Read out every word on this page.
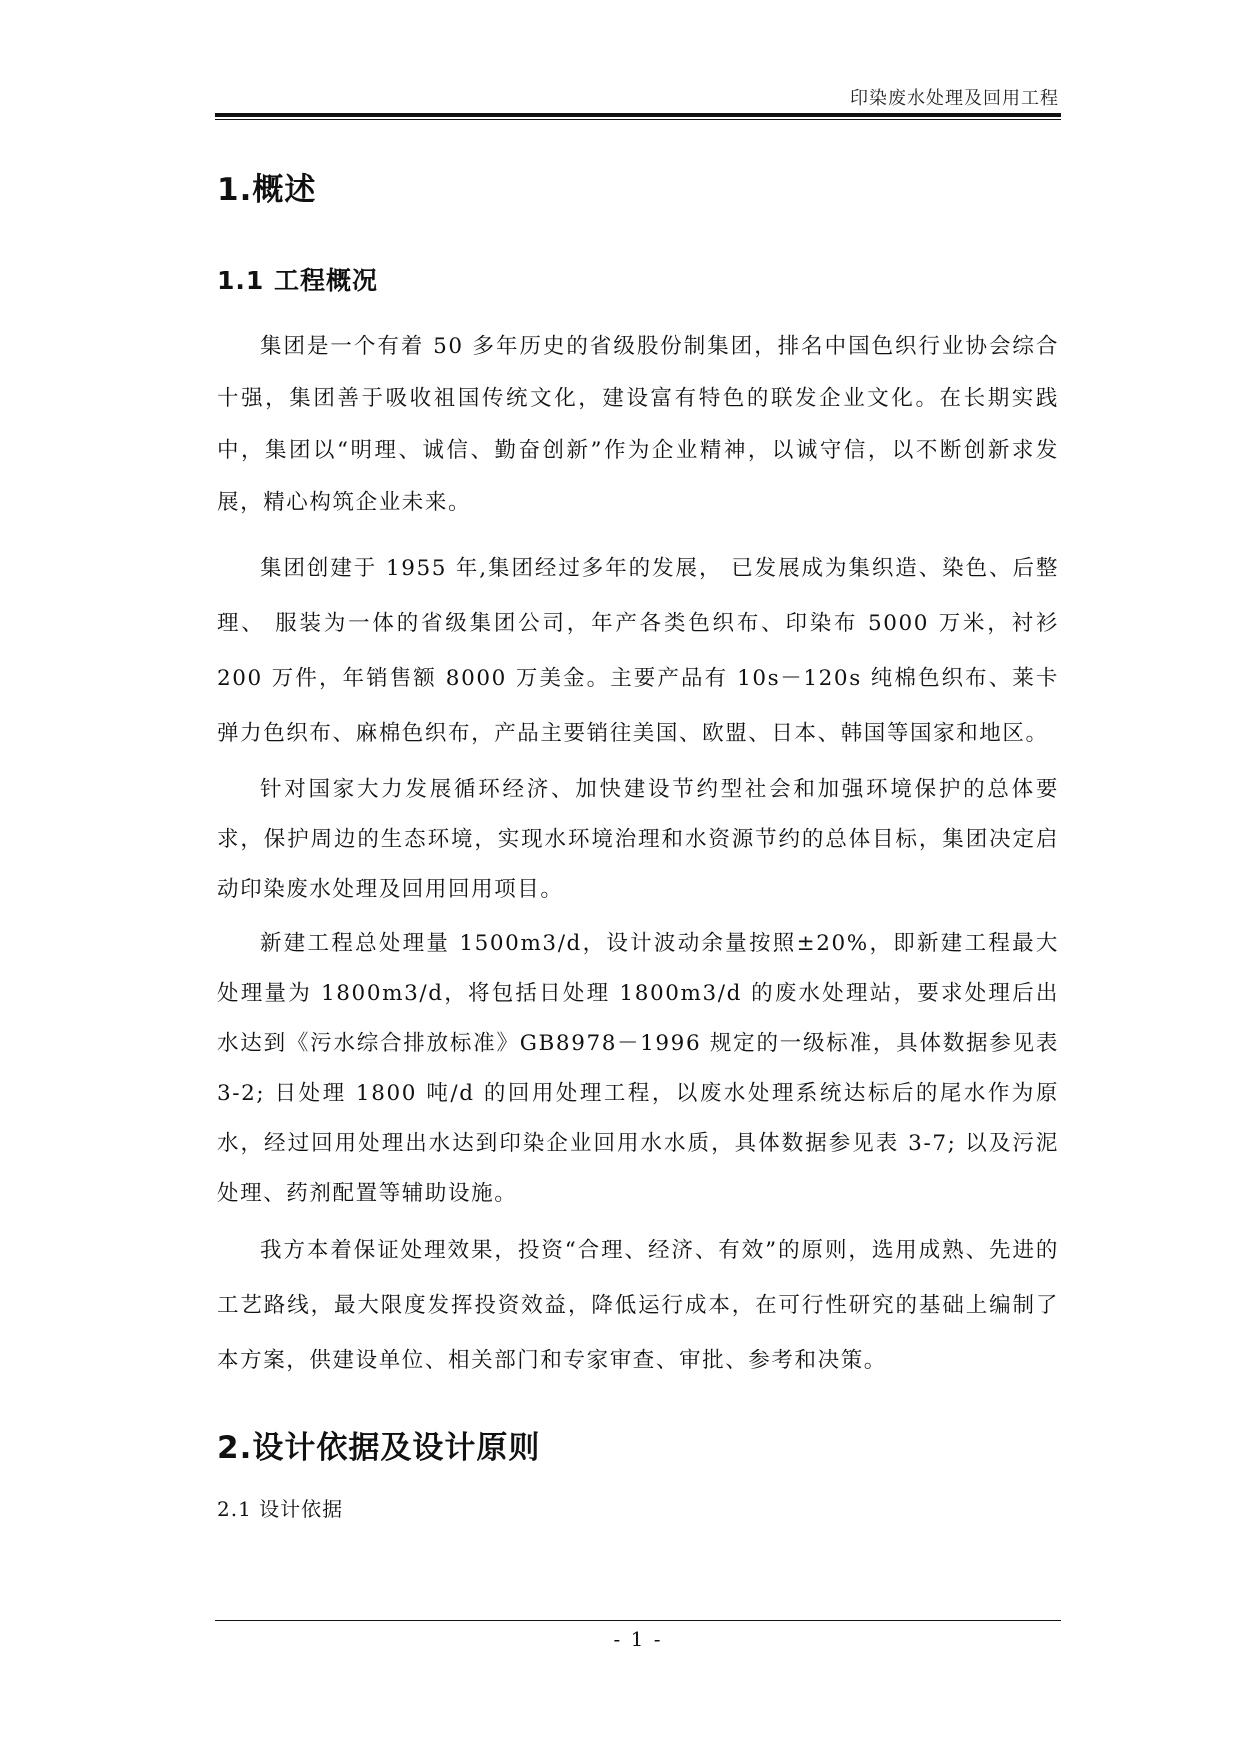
印染废水处理及回用工程
1.概述
1.1 工程概况

集团是一个有着 50 多年历史的省级股份制集团，排名中国色织行业协会综合十强，集团善于吸收祖国传统文化，建设富有特色的联发企业文化。在长期实践中，集团以“明理、诚信、勤奋创新”作为企业精神，以诚守信，以不断创新求发展，精心构筑企业未来。

集团创建于 1955 年,集团经过多年的发展， 已发展成为集织造、染色、后整理、 服装为一体的省级集团公司，年产各类色织布、印染布 5000 万米，衬衫 200 万件，年销售额 8000 万美金。主要产品有 10s－120s 纯棉色织布、莱卡弹力色织布、麻棉色织布，产品主要销往美国、欧盟、日本、韩国等国家和地区。

针对国家大力发展循环经济、加快建设节约型社会和加强环境保护的总体要求，保护周边的生态环境，实现水环境治理和水资源节约的总体目标，集团决定启动印染废水处理及回用回用项目。

新建工程总处理量 1500m3/d，设计波动余量按照±20%，即新建工程最大处理量为 1800m3/d，将包括日处理 1800m3/d 的废水处理站，要求处理后出水达到《污水综合排放标准》GB8978－1996 规定的一级标准，具体数据参见表 3-2; 日处理 1800 吨/d 的回用处理工程，以废水处理系统达标后的尾水作为原水，经过回用处理出水达到印染企业回用水水质，具体数据参见表 3-7; 以及污泥处理、药剂配置等辅助设施。

我方本着保证处理效果，投资“合理、经济、有效”的原则，选用成熟、先进的工艺路线，最大限度发挥投资效益，降低运行成本，在可行性研究的基础上编制了本方案，供建设单位、相关部门和专家审查、审批、参考和决策。

2.设计依据及设计原则
2.1 设计依据
- 1 -
